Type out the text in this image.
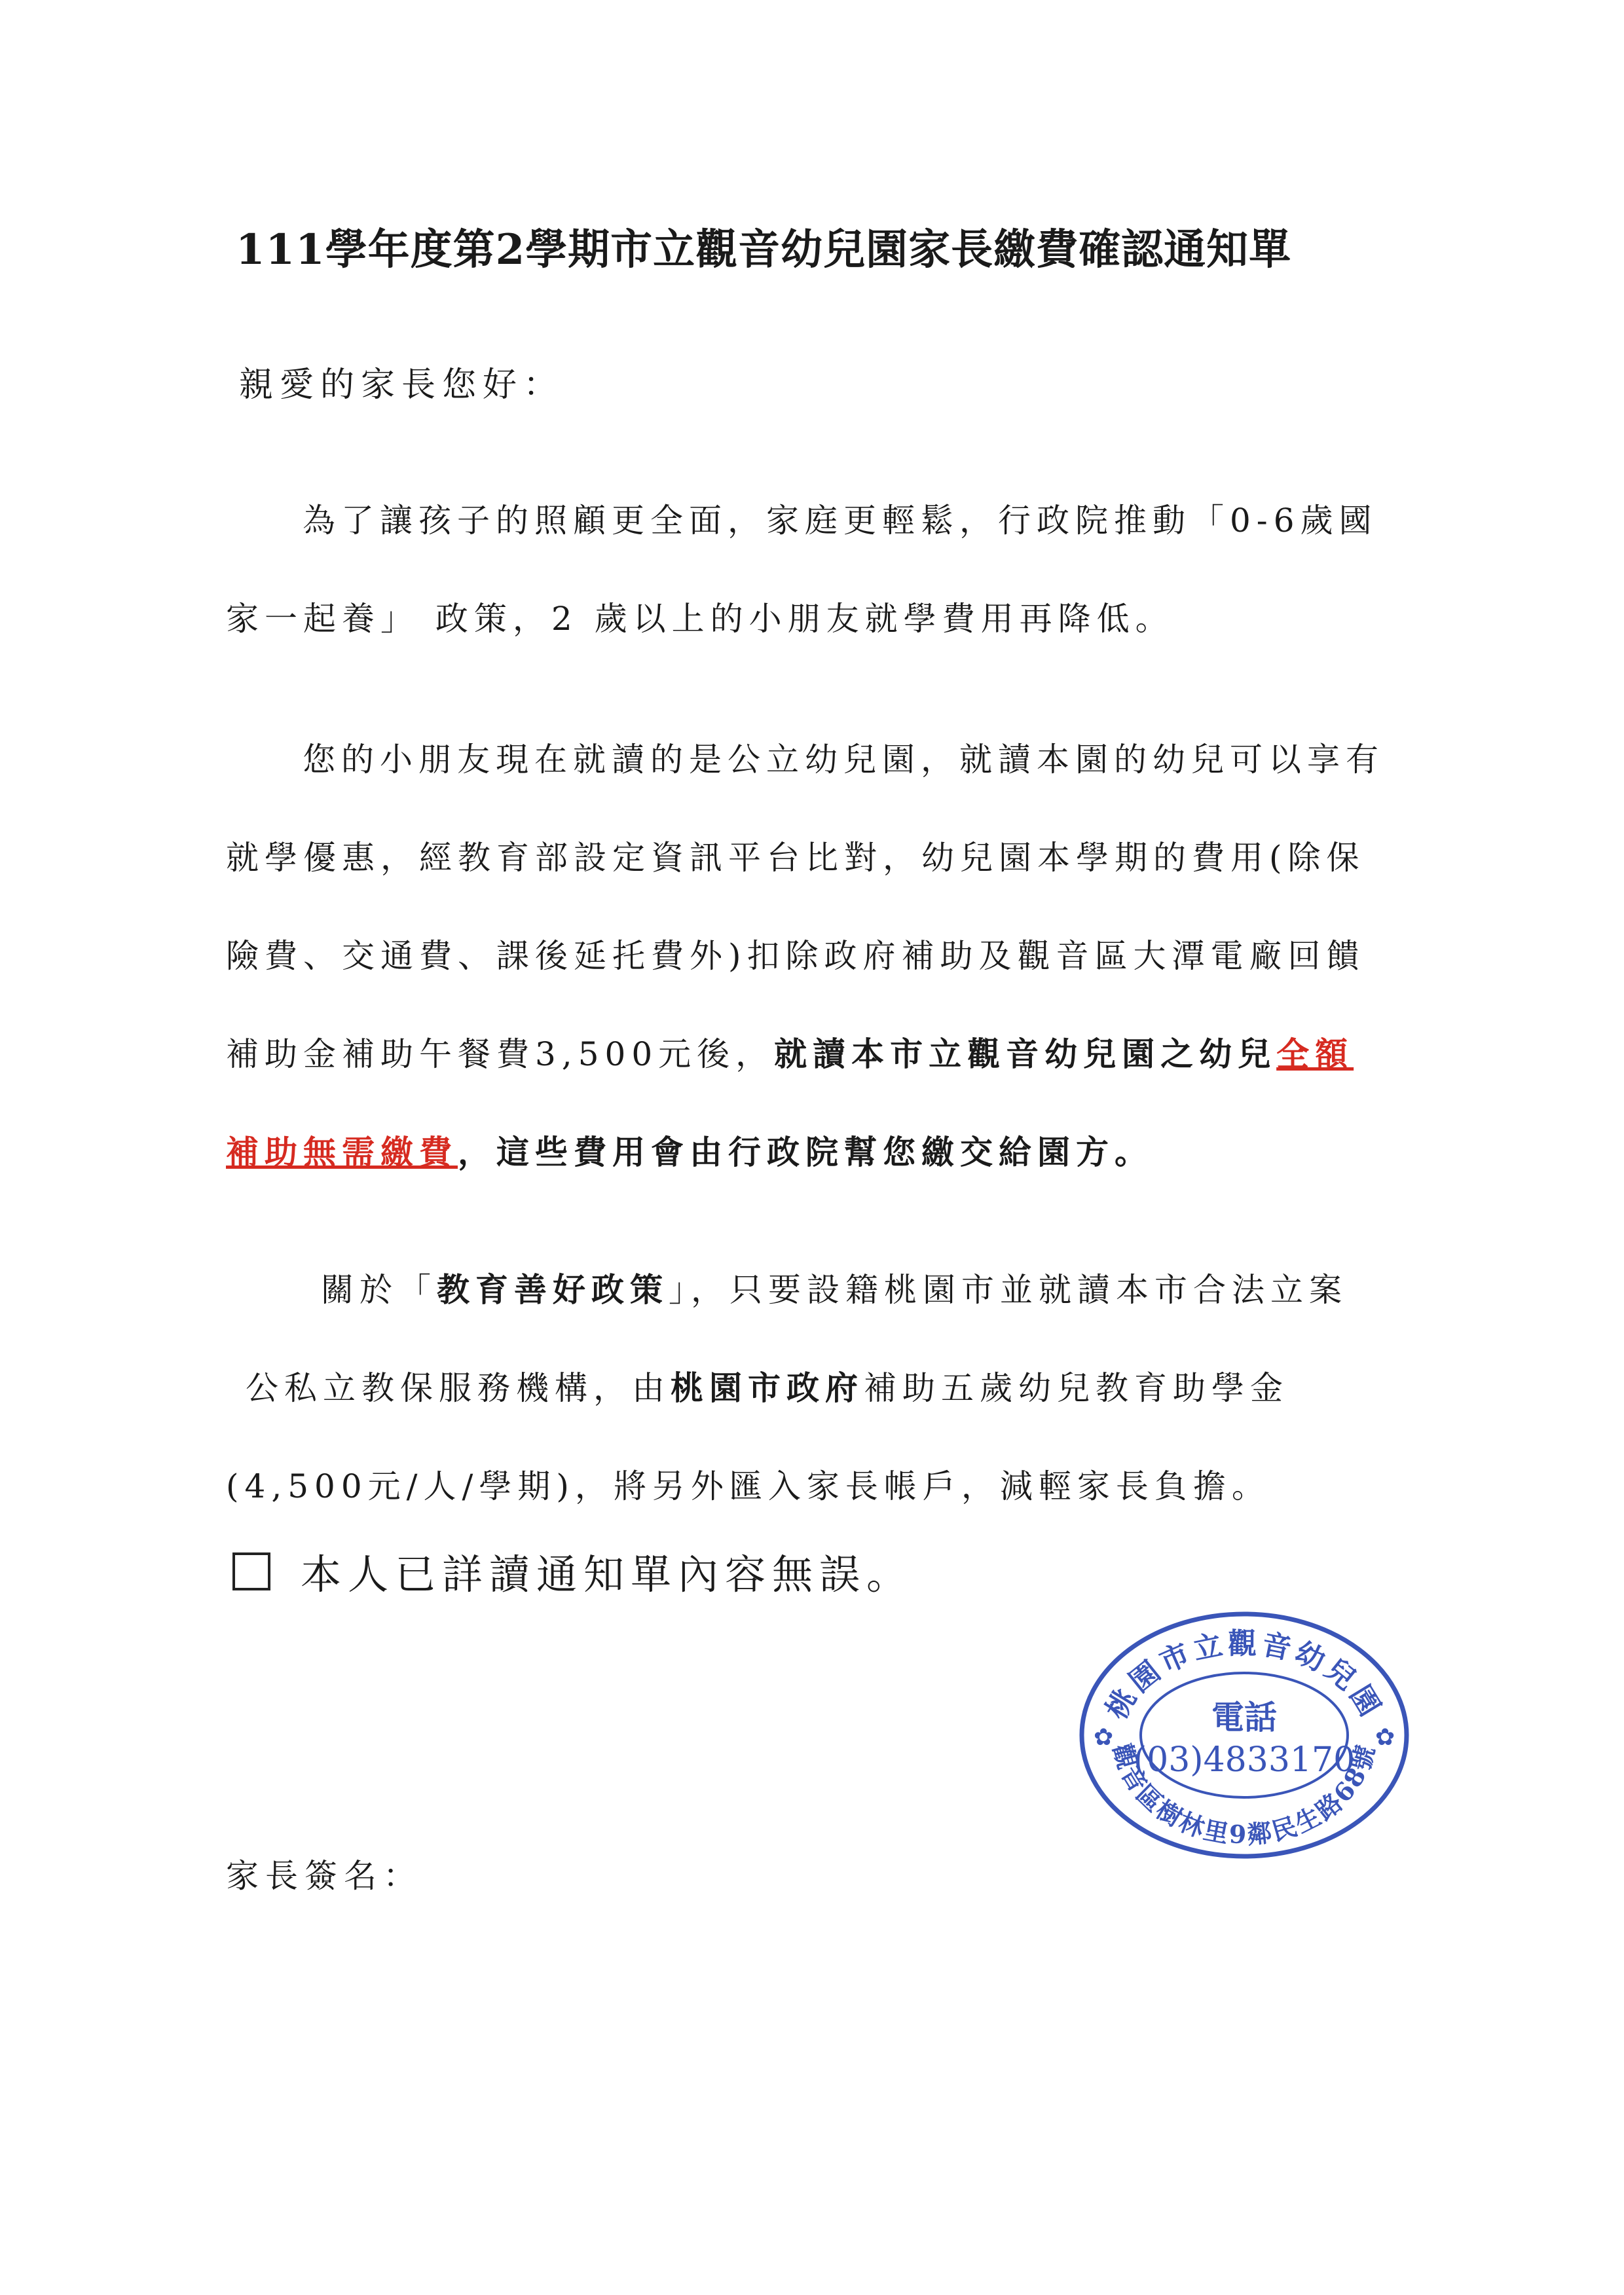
111學年度第2學期市立觀音幼兒園家長繳費確認通知單
親愛的家長您好：
為了讓孩子的照顧更全面，家庭更輕鬆，行政院推動「0-6歲國
家一起養」 政策，2 歲以上的小朋友就學費用再降低。
您的小朋友現在就讀的是公立幼兒園，就讀本園的幼兒可以享有
就學優惠，經教育部設定資訊平台比對，幼兒園本學期的費用(除保
險費、交通費、課後延托費外)扣除政府補助及觀音區大潭電廠回饋
補助金補助午餐費3,500元後，就讀本市立觀音幼兒園之幼兒全額
補助無需繳費，這些費用會由行政院幫您繳交給園方。
關於「教育善好政策」，只要設籍桃園市並就讀本市合法立案
公私立教保服務機構，由桃園市政府補助五歲幼兒教育助學金
(4,500元/人/學期)，將另外匯入家長帳戶，減輕家長負擔。
本人已詳讀通知單內容無誤。
桃園市立觀音幼兒園
觀音區樹林里9鄰民生路68號
電話
(03)4833170
✿	✿
家長簽名：
